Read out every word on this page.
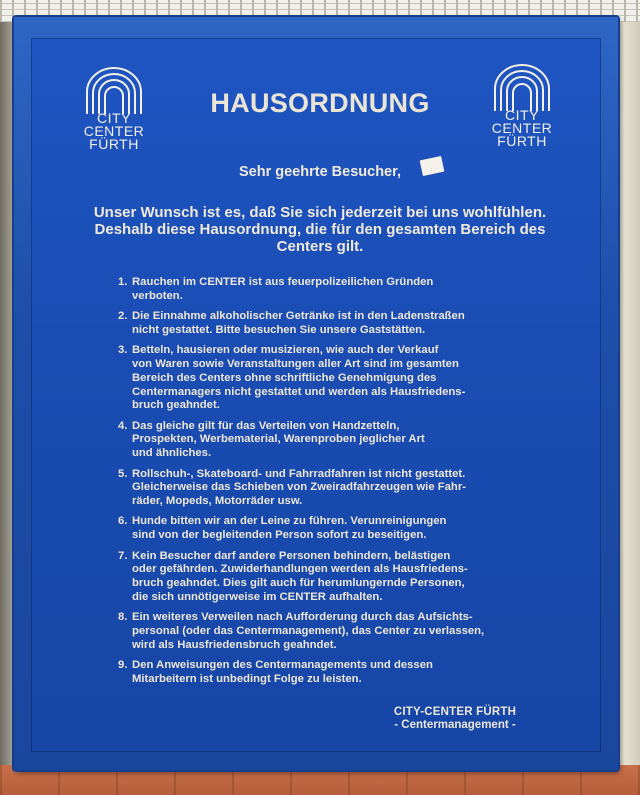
CITY
CENTER
FÜRTH
CITY
CENTER
FÜRTH
HAUSORDNUNG
Sehr geehrte Besucher,
Unser Wunsch ist es, daß Sie sich jederzeit bei uns wohlfühlen.
Deshalb diese Hausordnung, die für den gesamten Bereich des
Centers gilt.
1. Rauchen im CENTER ist aus feuerpolizeilichen Gründen
verboten.
2. Die Einnahme alkoholischer Getränke ist in den Ladenstraßen
nicht gestattet. Bitte besuchen Sie unsere Gaststätten.
3. Betteln, hausieren oder musizieren, wie auch der Verkauf
von Waren sowie Veranstaltungen aller Art sind im gesamten
Bereich des Centers ohne schriftliche Genehmigung des
Centermanagers nicht gestattet und werden als Hausfriedens-
bruch geahndet.
4. Das gleiche gilt für das Verteilen von Handzetteln,
Prospekten, Werbematerial, Warenproben jeglicher Art
und ähnliches.
5. Rollschuh-, Skateboard- und Fahrradfahren ist nicht gestattet.
Gleicherweise das Schieben von Zweiradfahrzeugen wie Fahr-
räder, Mopeds, Motorräder usw.
6. Hunde bitten wir an der Leine zu führen. Verunreinigungen
sind von der begleitenden Person sofort zu beseitigen.
7. Kein Besucher darf andere Personen behindern, belästigen
oder gefährden. Zuwiderhandlungen werden als Hausfriedens-
bruch geahndet. Dies gilt auch für herumlungernde Personen,
die sich unnötigerweise im CENTER aufhalten.
8. Ein weiteres Verweilen nach Aufforderung durch das Aufsichts-
personal (oder das Centermanagement), das Center zu verlassen,
wird als Hausfriedensbruch geahndet.
9. Den Anweisungen des Centermanagements und dessen
Mitarbeitern ist unbedingt Folge zu leisten.
CITY-CENTER FÜRTH
- Centermanagement -
